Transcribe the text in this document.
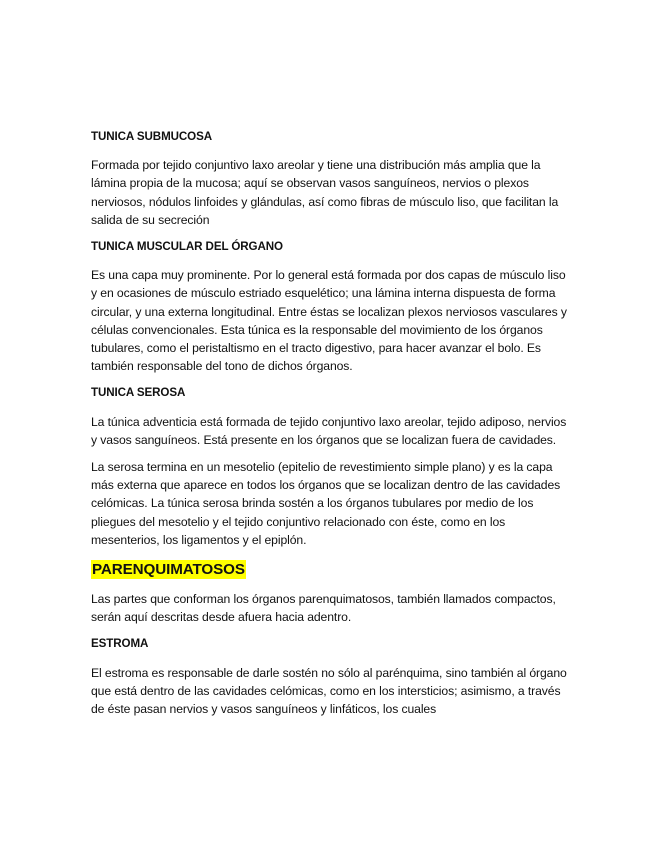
TUNICA SUBMUCOSA

Formada por tejido conjuntivo laxo areolar y tiene una distribución más amplia que la lámina propia de la mucosa; aquí se observan vasos sanguíneos, nervios o plexos nerviosos, nódulos linfoides y glándulas, así como fibras de músculo liso, que facilitan la salida de su secreción

TUNICA MUSCULAR DEL ÓRGANO

Es una capa muy prominente. Por lo general está formada por dos capas de músculo liso y en ocasiones de músculo estriado esquelético; una lámina interna dispuesta de forma circular, y una externa longitudinal. Entre éstas se localizan plexos nerviosos vasculares y células convencionales. Esta túnica es la responsable del movimiento de los órganos tubulares, como el peristaltismo en el tracto digestivo, para hacer avanzar el bolo. Es también responsable del tono de dichos órganos.

TUNICA SEROSA

La túnica adventicia está formada de tejido conjuntivo laxo areolar, tejido adiposo, nervios y vasos sanguíneos. Está presente en los órganos que se localizan fuera de cavidades.

La serosa termina en un mesotelio (epitelio de revestimiento simple plano) y es la capa más externa que aparece en todos los órganos que se localizan dentro de las cavidades celómicas. La túnica serosa brinda sostén a los órganos tubulares por medio de los pliegues del mesotelio y el tejido conjuntivo relacionado con éste, como en los mesenterios, los ligamentos y el epiplón.

PARENQUIMATOSOS

Las partes que conforman los órganos parenquimatosos, también llamados compactos, serán aquí descritas desde afuera hacia adentro.

ESTROMA

El estroma es responsable de darle sostén no sólo al parénquima, sino también al órgano que está dentro de las cavidades celómicas, como en los intersticios; asimismo, a través de éste pasan nervios y vasos sanguíneos y linfáticos, los cuales
